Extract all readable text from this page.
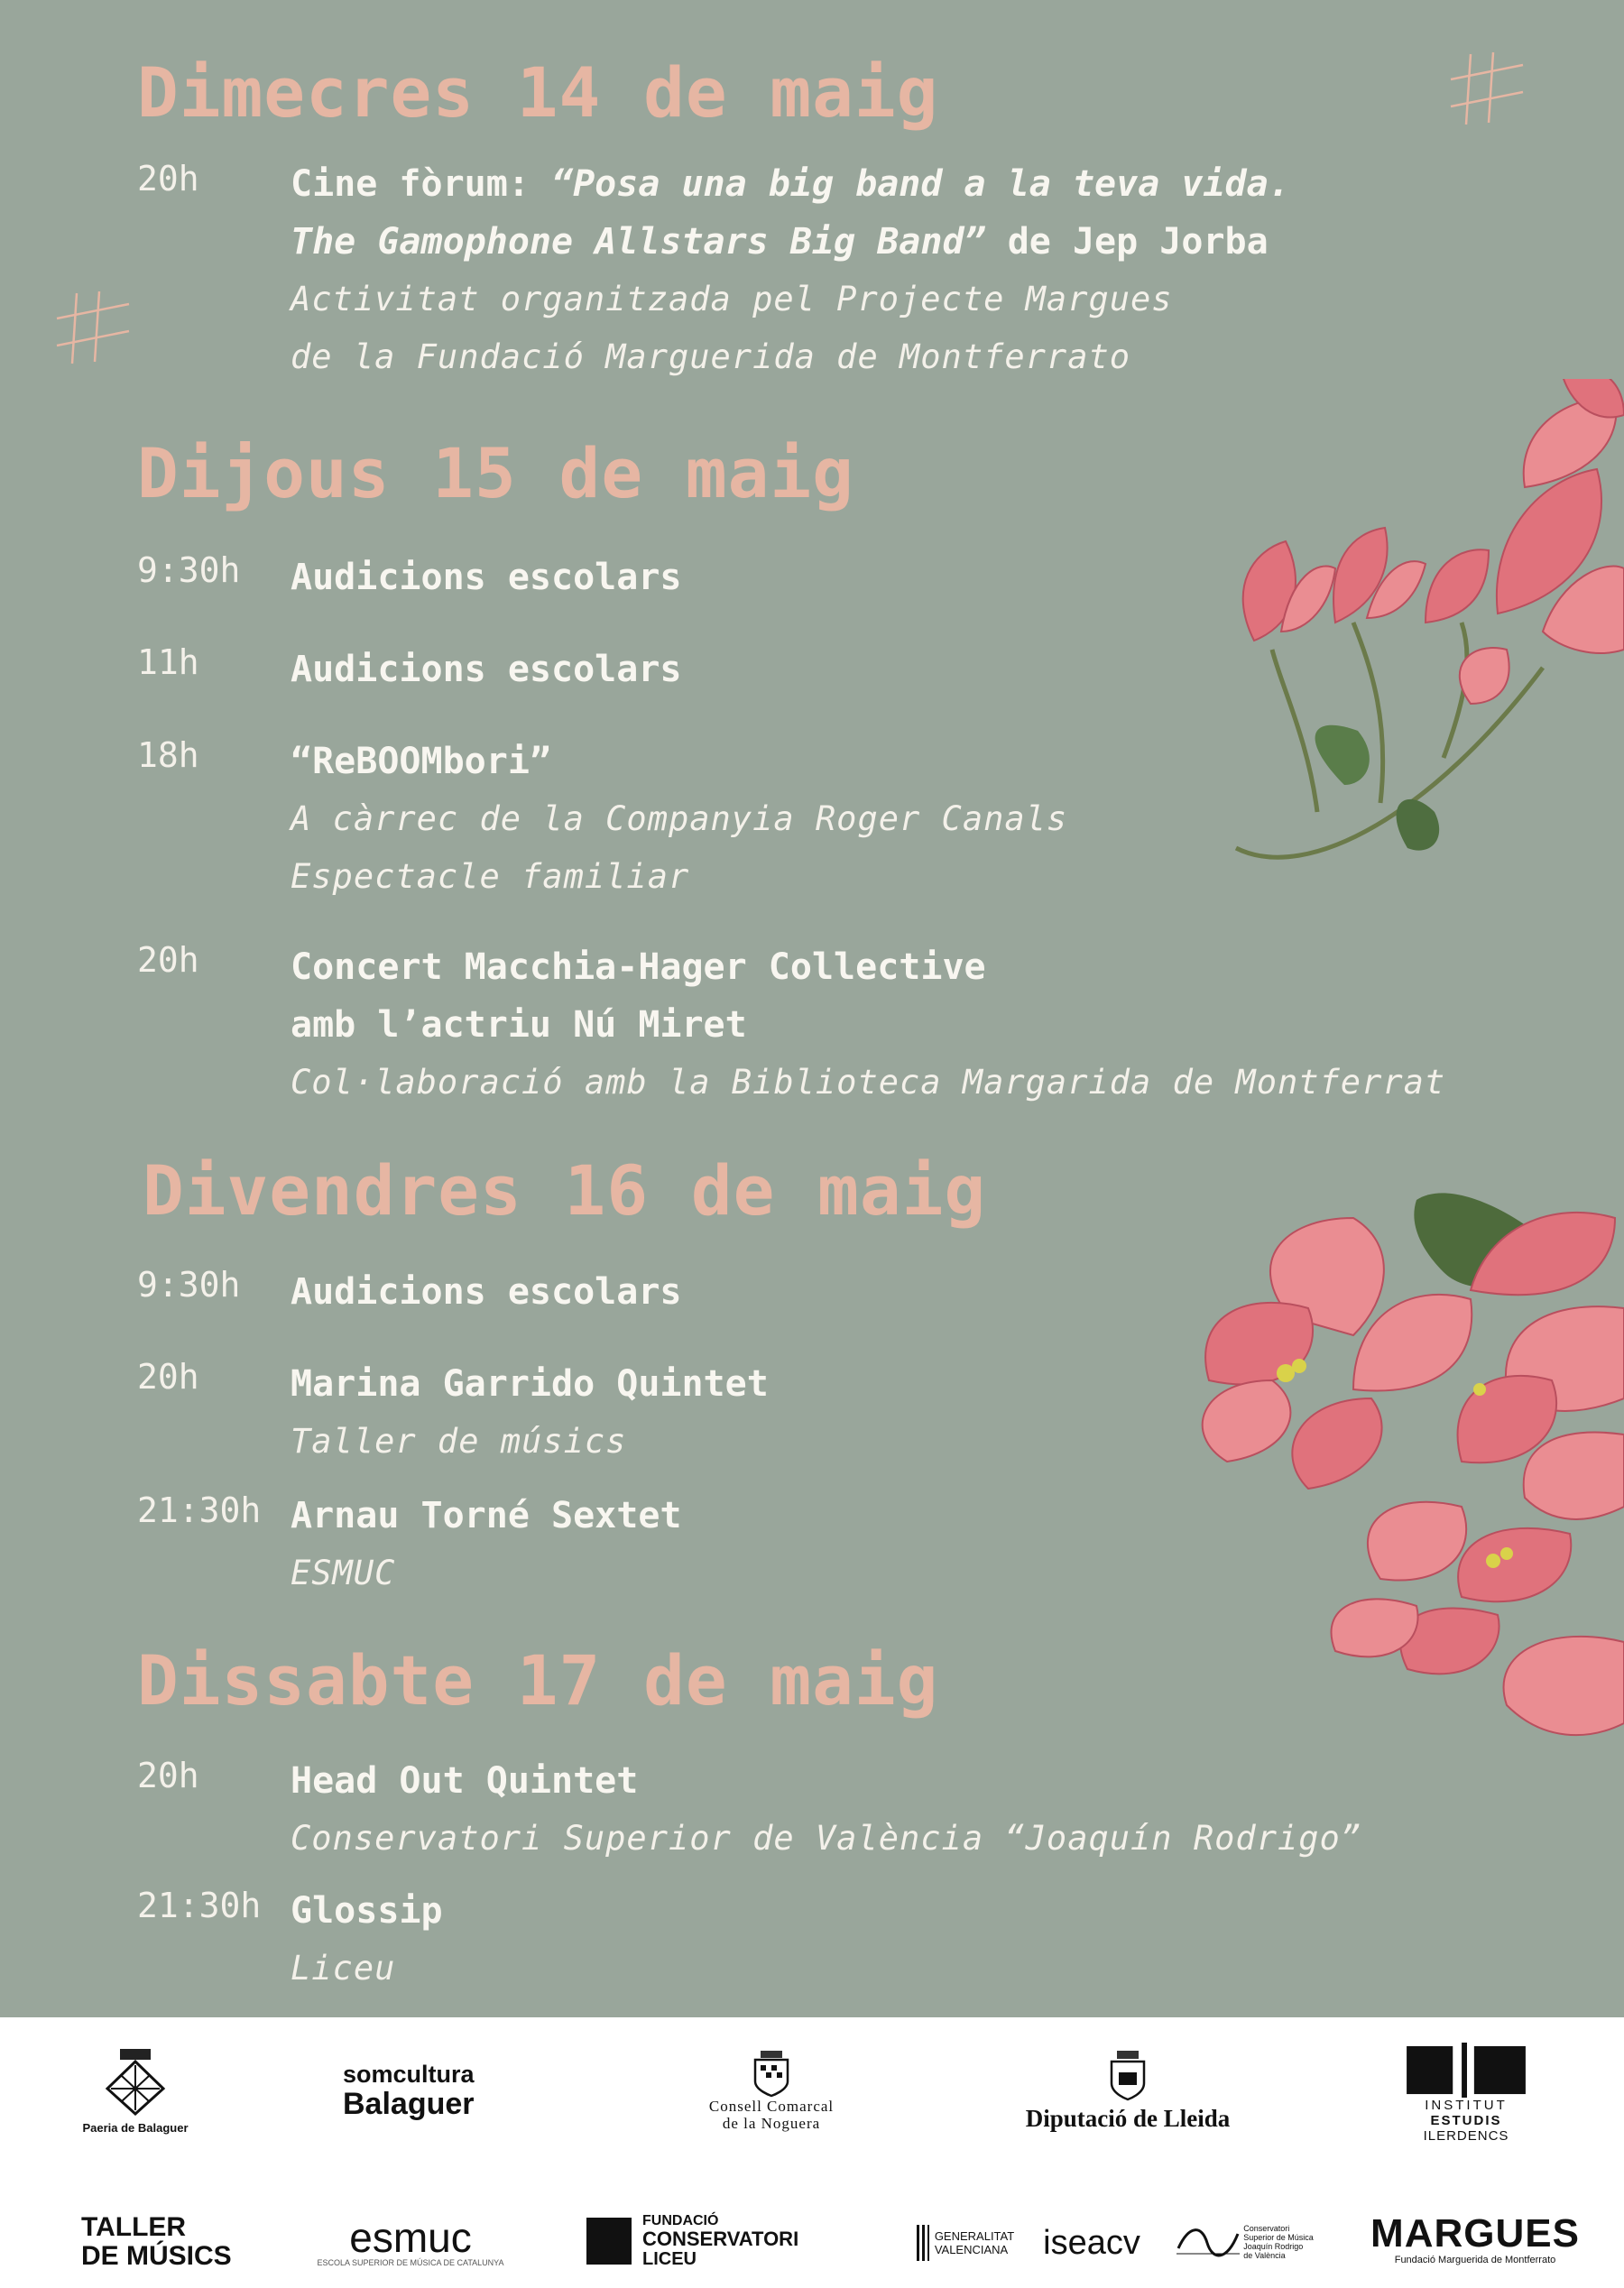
Dimecres 14 de maig
20h	Cine fòrum: “Posa una big band a la teva vida.
The Gamophone Allstars Big Band” de Jep Jorba
Activitat organitzada pel Projecte Margues
de la Fundació Marguerida de Montferrato
Dijous 15 de maig
9:30h Audicions escolars
11h	Audicions escolars
18h	“ReBOOMbori”
A càrrec de la Companyia Roger Canals
Espectacle familiar
20h	Concert Macchia-Hager Collective
amb l’actriu Nú Miret
Col·laboració amb la Biblioteca Margarida de Montferrat
Divendres 16 de maig
9:30h Audicions escolars
20h	Marina Garrido Quintet
Taller de músics
21:30h Arnau Torné Sextet
ESMUC
Dissabte 17 de maig
20h	Head Out Quintet
Conservatori Superior de València “Joaquín Rodrigo”
21:30h Glossip
Liceu
Paeria de Balaguer
somcultura
Balaguer	Consell Comarcal
de la Noguera	Diputació de Lleida	INSTITUT
ESTUDIS
ILERDENCS
TALLER
DE MÚSICS	esmuc
ESCOLA SUPERIOR DE MÚSICA DE CATALUNYA
FUNDACIÓ
CONSERVATORI
LICEU
GENERALITAT
VALENCIANA iseacv	Conservatori
Superior de Música
Joaquín Rodrigo
de València MARGUES
Fundació Marguerida de Montferrato
